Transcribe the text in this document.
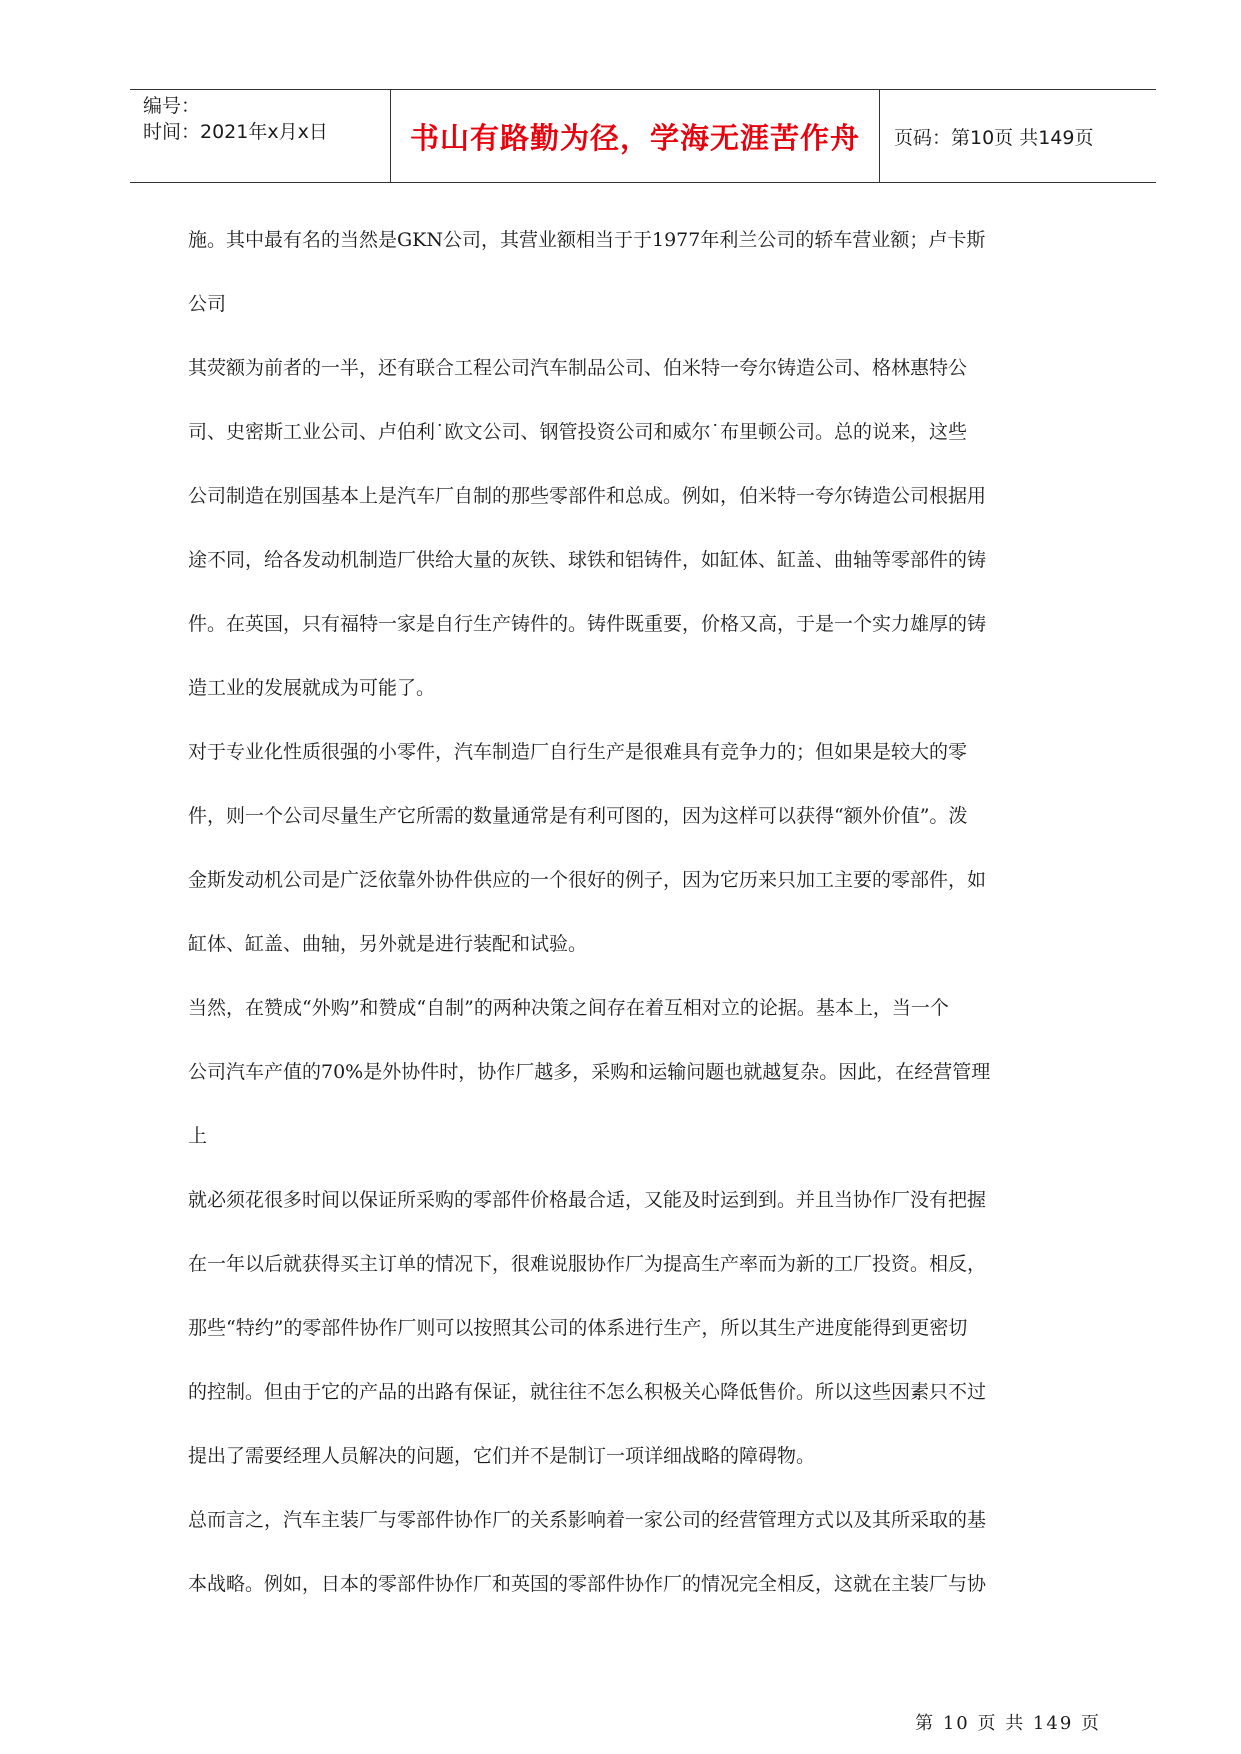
编号：
时间：2021年x月x日	书山有路勤为径，学海无涯苦作舟	页码：第10页 共149页

施。其中最有名的当然是GKN公司，其营业额相当于于1977年利兰公司的轿车营业额；卢卡斯

公司

其荧额为前者的一半，还有联合工程公司汽车制品公司、伯米特一夸尔铸造公司、格林惠特公

司、史密斯工业公司、卢伯利˙欧文公司、钢管投资公司和威尔˙布里顿公司。总的说来，这些

公司制造在别国基本上是汽车厂自制的那些零部件和总成。例如，伯米特一夸尔铸造公司根据用

途不同，给各发动机制造厂供给大量的灰铁、球铁和铝铸件，如缸体、缸盖、曲轴等零部件的铸

件。在英国，只有福特一家是自行生产铸件的。铸件既重要，价格又高，于是一个实力雄厚的铸

造工业的发展就成为可能了。

对于专业化性质很强的小零件，汽车制造厂自行生产是很难具有竞争力的；但如果是较大的零

件，则一个公司尽量生产它所需的数量通常是有利可图的，因为这样可以获得“额外价值”。泼

金斯发动机公司是广泛依靠外协件供应的一个很好的例子，因为它历来只加工主要的零部件，如

缸体、缸盖、曲轴，另外就是进行装配和试验。

当然，在赞成“外购”和赞成“自制”的两种决策之间存在着互相对立的论据。基本上，当一个

公司汽车产值的70%是外协件时，协作厂越多，采购和运输问题也就越复杂。因此，在经营管理

上

就必须花很多时间以保证所采购的零部件价格最合适，又能及时运到到。并且当协作厂没有把握

在一年以后就获得买主订单的情况下，很难说服协作厂为提高生产率而为新的工厂投资。相反，

那些“特约”的零部件协作厂则可以按照其公司的体系进行生产，所以其生产进度能得到更密切

的控制。但由于它的产品的出路有保证，就往往不怎么积极关心降低售价。所以这些因素只不过

提出了需要经理人员解决的问题，它们并不是制订一项详细战略的障碍物。

总而言之，汽车主装厂与零部件协作厂的关系影响着一家公司的经营管理方式以及其所采取的基

本战略。例如，日本的零部件协作厂和英国的零部件协作厂的情况完全相反，这就在主装厂与协

第 10 页 共 149 页
